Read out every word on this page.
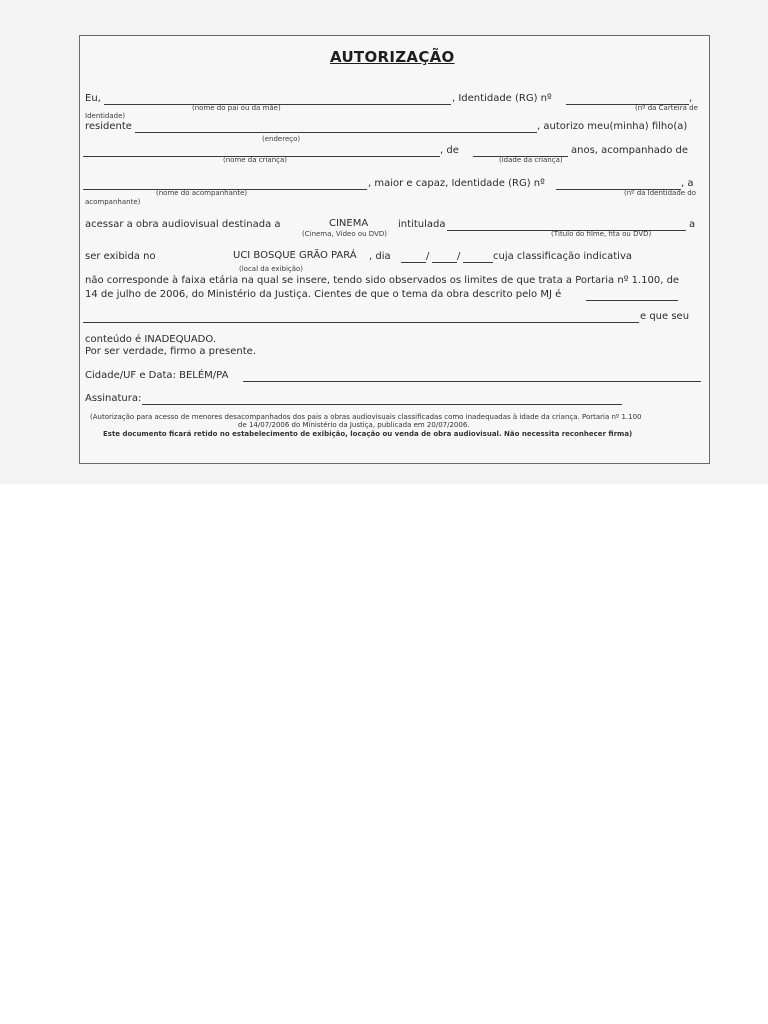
AUTORIZAÇÃO
Eu,	, Identidade (RG) nº	,
(nome do pai ou da mãe)	(nº da Carteira de
Identidade)
residente	, autorizo meu(minha) filho(a)
(endereço)
, de	anos, acompanhado de
(nome da criança)	(idade da criança)
, maior e capaz, Identidade (RG) nº	, a
(nome do acompanhante)
acompanhante)
(nº da Identidade do
acessar a obra audiovisual destinada a	CINEMA	intitulada	a
(Cinema, Vídeo ou DVD)	(Título do filme, fita ou DVD)
ser exibida no	UCI BOSQUE GRÃO PARÁ , dia	/	/	cuja classificação indicativa
(local da exibição)
não corresponde à faixa etária na qual se insere, tendo sido observados os limites de que trata a Portaria nº 1.100, de
14 de julho de 2006, do Ministério da Justiça. Cientes de que o tema da obra descrito pelo MJ é
e que seu
conteúdo é INADEQUADO.
Por ser verdade, firmo a presente.
Cidade/UF e Data: BELÉM/PA
Assinatura:
(Autorização para acesso de menores desacompanhados dos pais a obras audiovisuais classificadas como inadequadas à idade da criança. Portaria nº 1.100
de 14/07/2006 do Ministério da Justiça, publicada em 20/07/2006.
Este documento ficará retido no estabelecimento de exibição, locação ou venda de obra audiovisual. Não necessita reconhecer firma)
